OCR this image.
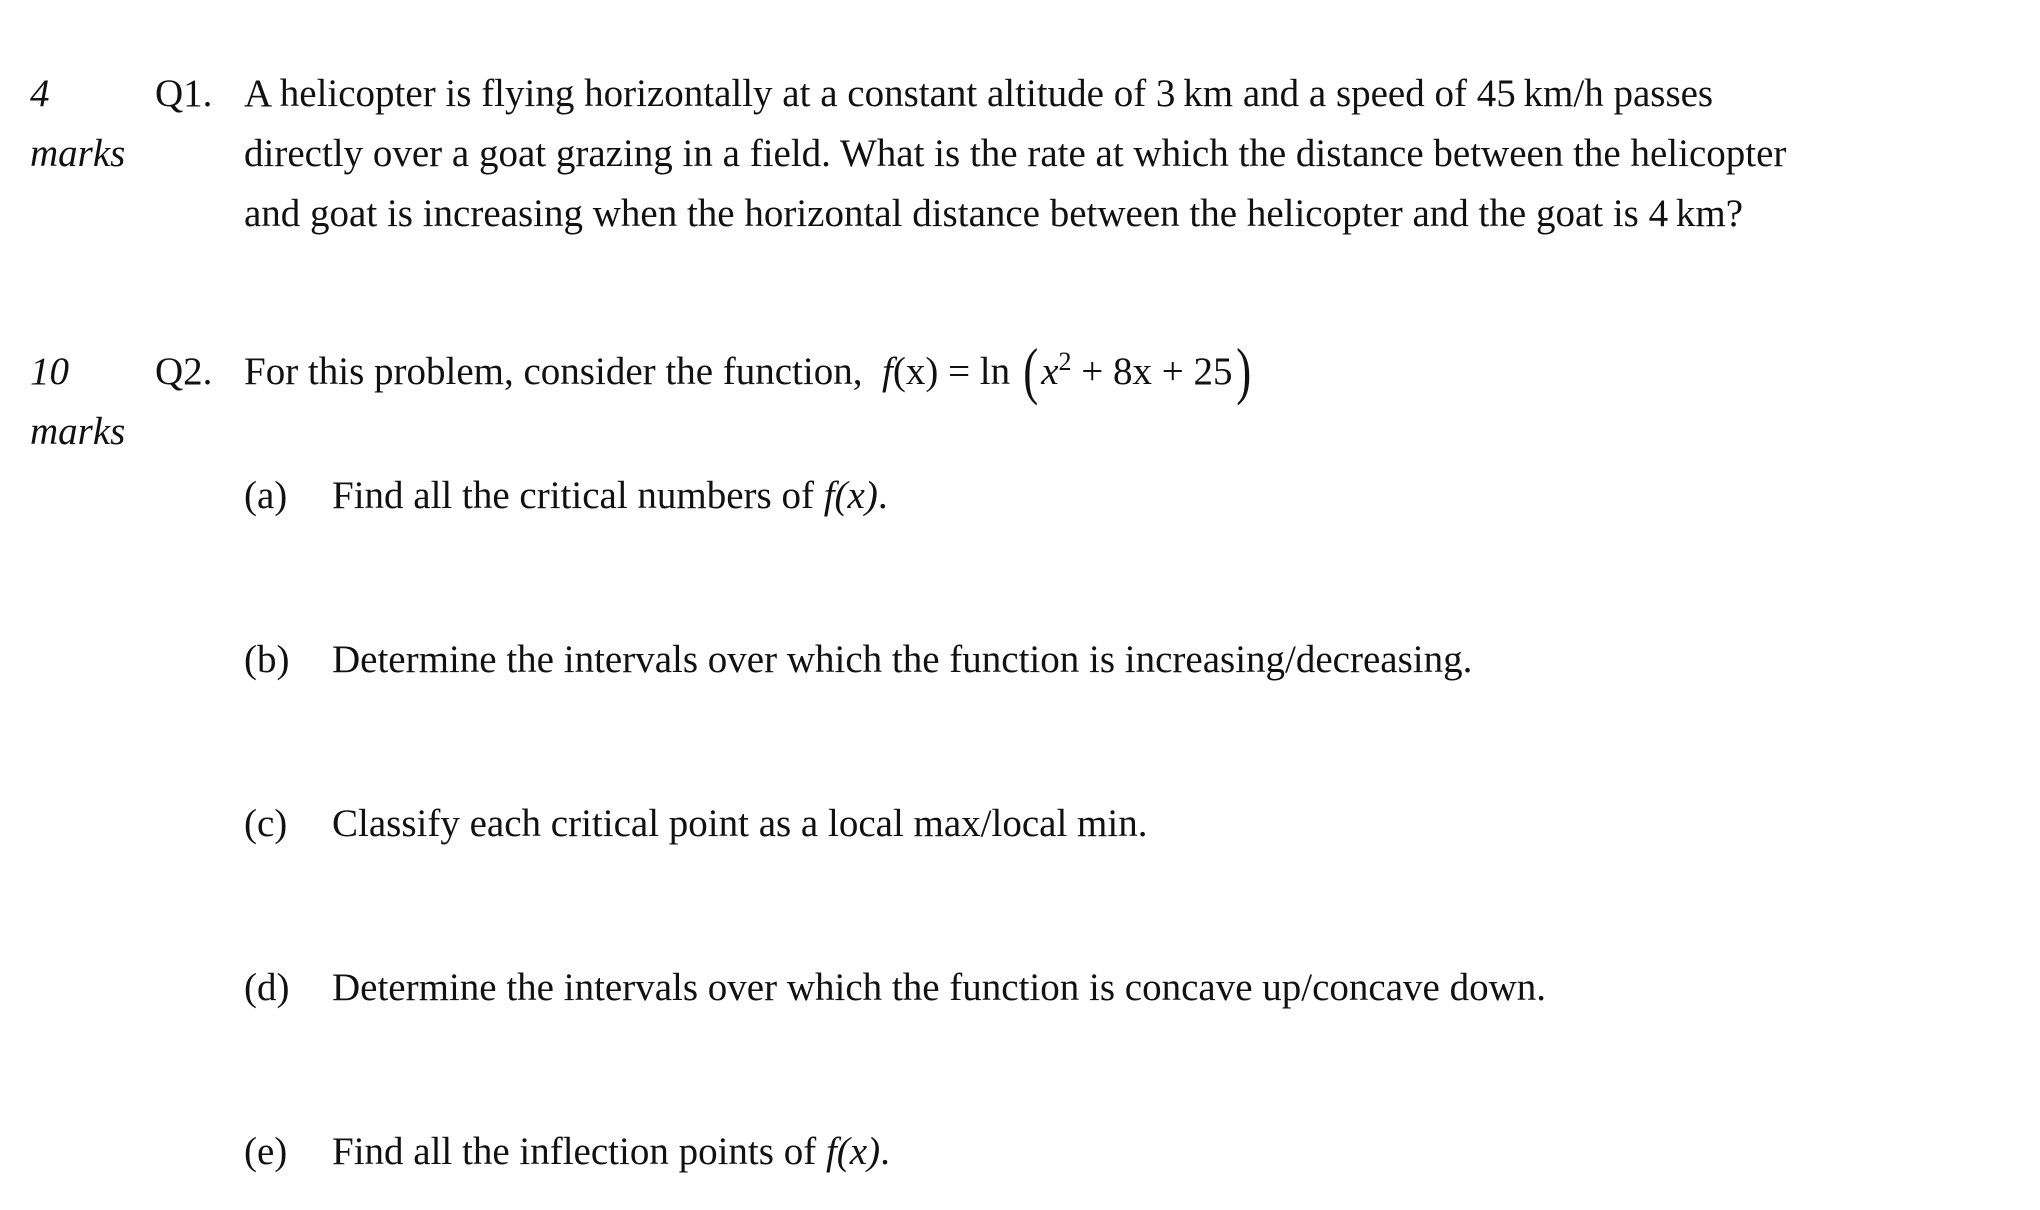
4
marks
Q1. A helicopter is flying horizontally at a constant altitude of 3 km and a speed of 45 km/h passes
directly over a goat grazing in a field. What is the rate at which the distance between the helicopter
and goat is increasing when the horizontal distance between the helicopter and the goat is 4 km?
10
marks
Q2. For this problem, consider the function, $f(x) = \ln (x^2 + 8x + 25)$
(a) Find all the critical numbers of f(x).
(b) Determine the intervals over which the function is increasing/decreasing.
(c) Classify each critical point as a local max/local min.
(d) Determine the intervals over which the function is concave up/concave down.
(e) Find all the inflection points of f(x).
